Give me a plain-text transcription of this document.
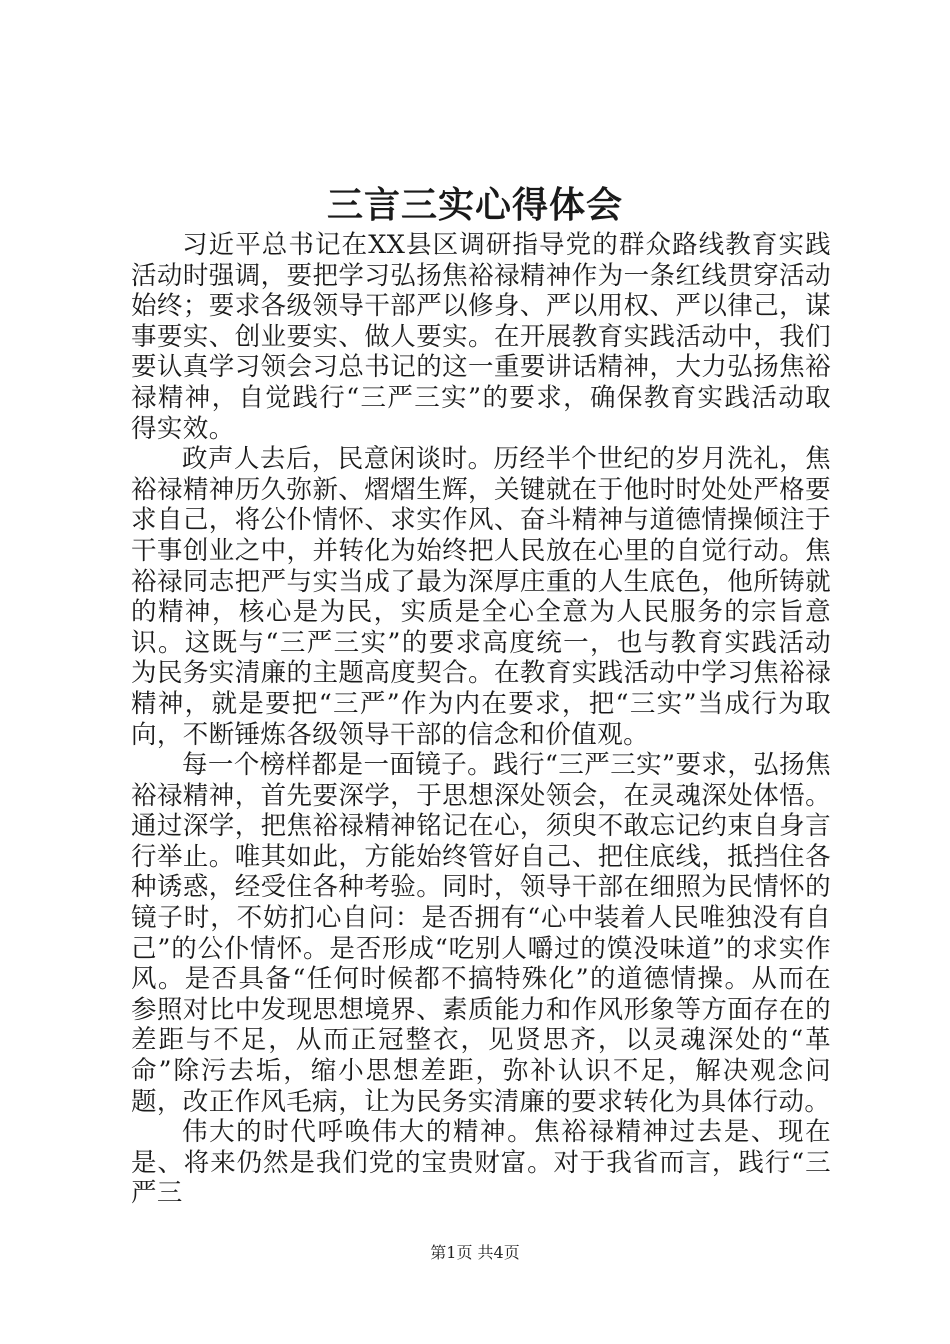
三言三实心得体会

习近平总书记在XX县区调研指导党的群众路线教育实践活动时强调，要把学习弘扬焦裕禄精神作为一条红线贯穿活动始终；要求各级领导干部严以修身、严以用权、严以律己，谋事要实、创业要实、做人要实。在开展教育实践活动中，我们要认真学习领会习总书记的这一重要讲话精神，大力弘扬焦裕禄精神，自觉践行“三严三实”的要求，确保教育实践活动取得实效。

政声人去后，民意闲谈时。历经半个世纪的岁月洗礼，焦裕禄精神历久弥新、熠熠生辉，关键就在于他时时处处严格要求自己，将公仆情怀、求实作风、奋斗精神与道德情操倾注于干事创业之中，并转化为始终把人民放在心里的自觉行动。焦裕禄同志把严与实当成了最为深厚庄重的人生底色，他所铸就的精神，核心是为民，实质是全心全意为人民服务的宗旨意识。这既与“三严三实”的要求高度统一，也与教育实践活动为民务实清廉的主题高度契合。在教育实践活动中学习焦裕禄精神，就是要把“三严”作为内在要求，把“三实”当成行为取向，不断锤炼各级领导干部的信念和价值观。

每一个榜样都是一面镜子。践行“三严三实”要求，弘扬焦裕禄精神，首先要深学，于思想深处领会，在灵魂深处体悟。通过深学，把焦裕禄精神铭记在心，须臾不敢忘记约束自身言行举止。唯其如此，方能始终管好自己、把住底线，抵挡住各种诱惑，经受住各种考验。同时，领导干部在细照为民情怀的镜子时，不妨扪心自问：是否拥有“心中装着人民唯独没有自己”的公仆情怀。是否形成“吃别人嚼过的馍没味道”的求实作风。是否具备“任何时候都不搞特殊化”的道德情操。从而在参照对比中发现思想境界、素质能力和作风形象等方面存在的差距与不足，从而正冠整衣，见贤思齐，以灵魂深处的“革命”除污去垢，缩小思想差距，弥补认识不足，解决观念问题，改正作风毛病，让为民务实清廉的要求转化为具体行动。

伟大的时代呼唤伟大的精神。焦裕禄精神过去是、现在是、将来仍然是我们党的宝贵财富。对于我省而言，践行“三严三

第1页 共4页
